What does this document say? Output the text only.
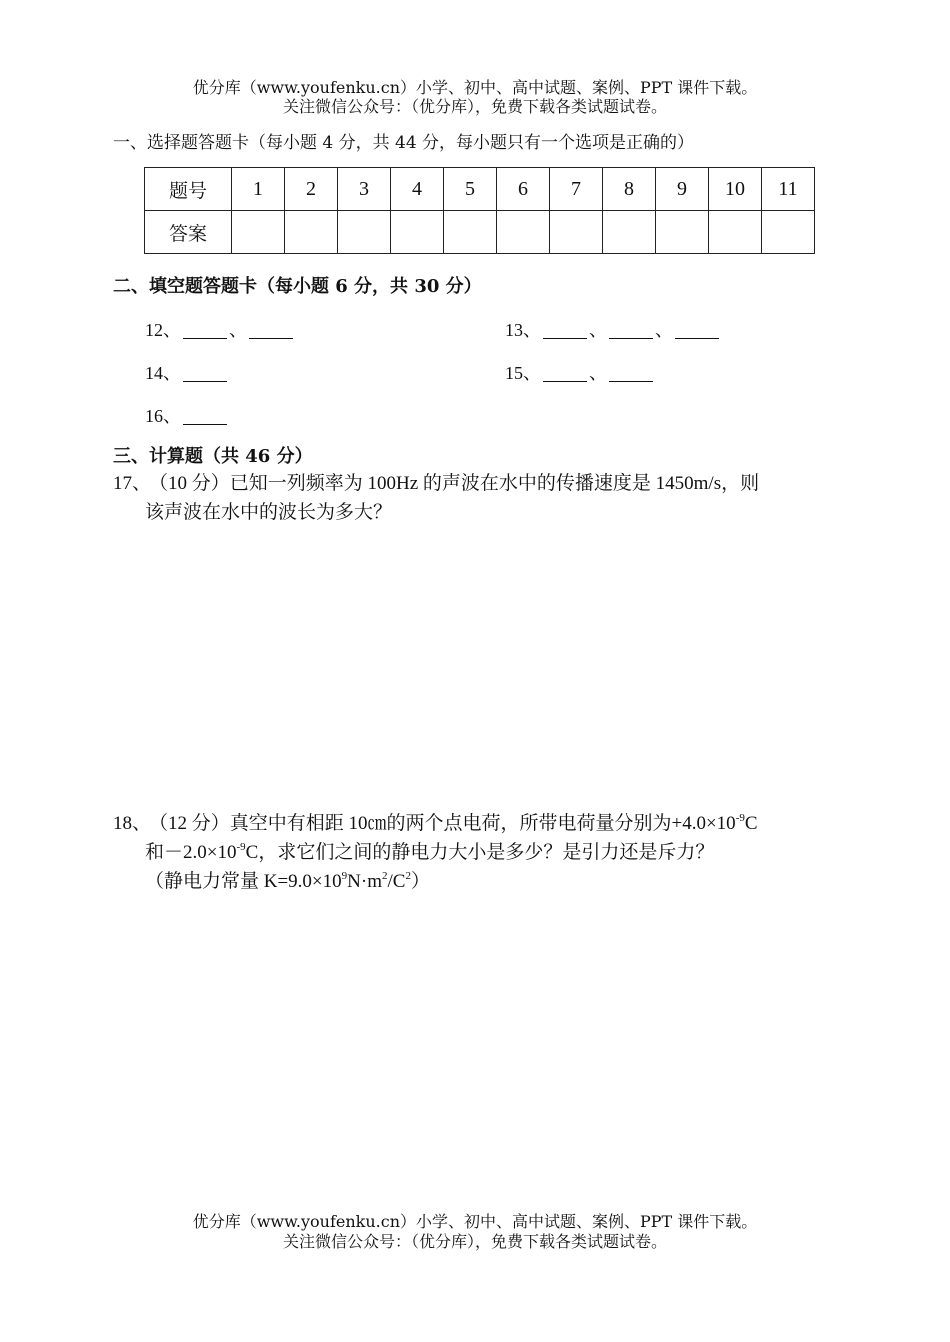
优分库（www.youfenku.cn）小学、初中、高中试题、案例、PPT 课件下载。
关注微信公众号：（优分库），免费下载各类试题试卷。
一、选择题答题卡（每小题 4 分，共 44 分，每小题只有一个选项是正确的）
题号	1	2	3	4	5	6	7	8	9	10	11
答案											
二、填空题答题卡（每小题 6 分，共 30 分）
12、	、	13、	、	、
14、	15、	、
16、
三、计算题（共 46 分）
17、（10 分）已知一列频率为 100Hz 的声波在水中的传播速度是 1450m/s，则
该声波在水中的波长为多大？
18、（12 分）真空中有相距 10㎝的两个点电荷，所带电荷量分别为$+4.0\times 10^{-9}C$
和$-2.0\times 10^{-9}C$，求它们之间的静电力大小是多少？是引力还是斥力？
（静电力常量 $K=9.0\times 10^9N\cdot m^2/C^2$）
优分库（www.youfenku.cn）小学、初中、高中试题、案例、PPT 课件下载。
关注微信公众号：（优分库），免费下载各类试题试卷。
